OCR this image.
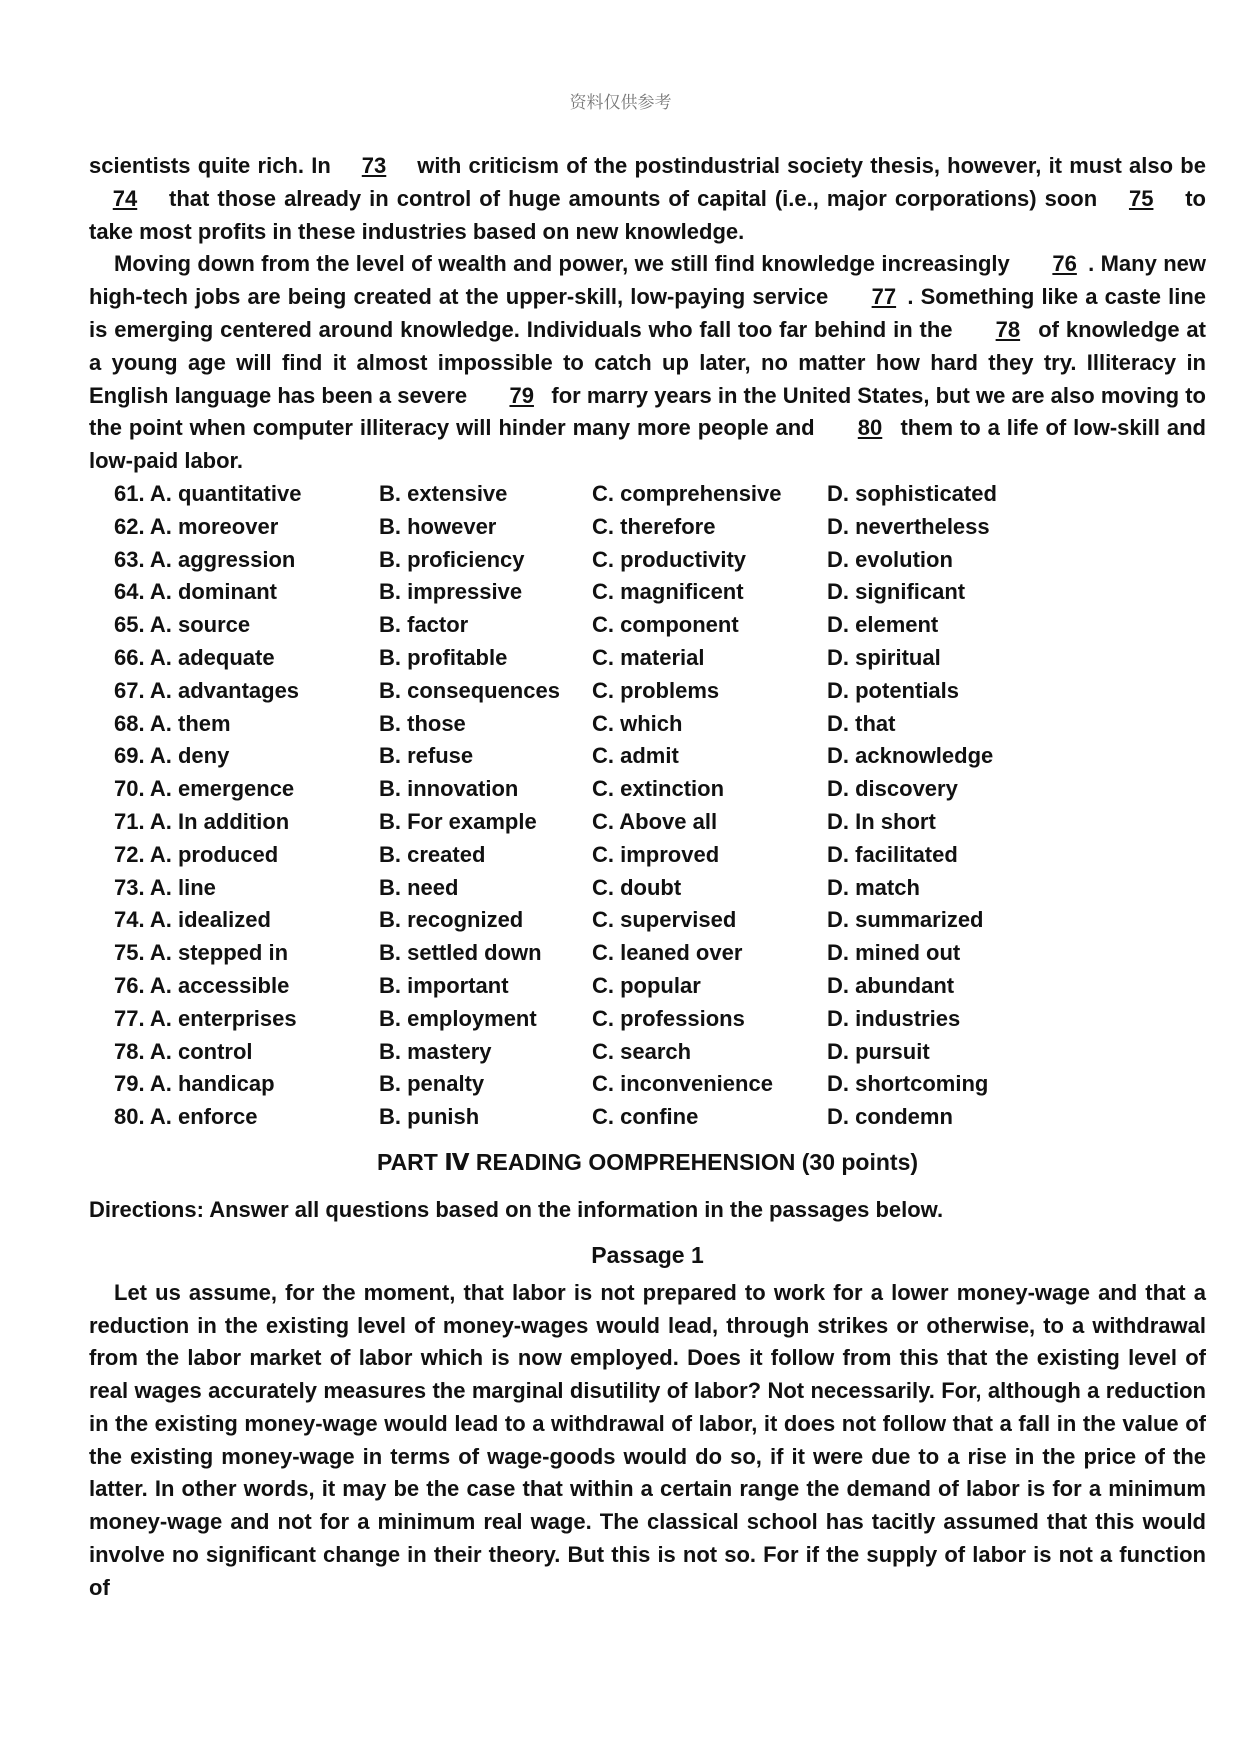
资料仅供参考

scientists quite rich. In 73 with criticism of the postindustrial society thesis, however, it must also be 74 that those already in control of huge amounts of capital (i.e., major corporations) soon 75 to take most profits in these industries based on new knowledge.

Moving down from the level of wealth and power, we still find knowledge increasingly 76 . Many new high-tech jobs are being created at the upper-skill, low-paying service 77 . Something like a caste line is emerging centered around knowledge. Individuals who fall too far behind in the 78 of knowledge at a young age will find it almost impossible to catch up later, no matter how hard they try. Illiteracy in English language has been a severe 79 for marry years in the United States, but we are also moving to the point when computer illiteracy will hinder many more people and 80 them to a life of low-skill and low-paid labor.

61. A. quantitative	B. extensive	C. comprehensive D. sophisticated
62. A. moreover	B. however	C. therefore	D. nevertheless
63. A. aggression	B. proficiency	C. productivity	D. evolution
64. A. dominant	B. impressive	C. magnificent	D. significant
65. A. source	B. factor	C. component	D. element
66. A. adequate	B. profitable	C. material	D. spiritual
67. A. advantages	B. consequences C. problems	D. potentials
68. A. them	B. those	C. which	D. that
69. A. deny	B. refuse	C. admit	D. acknowledge
70. A. emergence	B. innovation	C. extinction	D. discovery
71. A. In addition	B. For example	C. Above all	D. In short
72. A. produced	B. created	C. improved	D. facilitated
73. A. line	B. need	C. doubt	D. match
74. A. idealized	B. recognized	C. supervised	D. summarized
75. A. stepped in	B. settled down C. leaned over	D. mined out
76. A. accessible	B. important	C. popular	D. abundant
77. A. enterprises	B. employment	C. professions	D. industries
78. A. control	B. mastery	C. search	D. pursuit
79. A. handicap	B. penalty	C. inconvenience D. shortcoming
80. A. enforce	B. punish	C. confine	D. condemn
PART Ⅳ READING OOMPREHENSION (30 points)
Directions: Answer all questions based on the information in the passages below.
Passage 1

Let us assume, for the moment, that labor is not prepared to work for a lower money-wage and that a reduction in the existing level of money-wages would lead, through strikes or otherwise, to a withdrawal from the labor market of labor which is now employed. Does it follow from this that the existing level of real wages accurately measures the marginal disutility of labor? Not necessarily. For, although a reduction in the existing money-wage would lead to a withdrawal of labor, it does not follow that a fall in the value of the existing money-wage in terms of wage-goods would do so, if it were due to a rise in the price of the latter. In other words, it may be the case that within a certain range the demand of labor is for a minimum money-wage and not for a minimum real wage. The classical school has tacitly assumed that this would involve no significant change in their theory. But this is not so. For if the supply of labor is not a function of
